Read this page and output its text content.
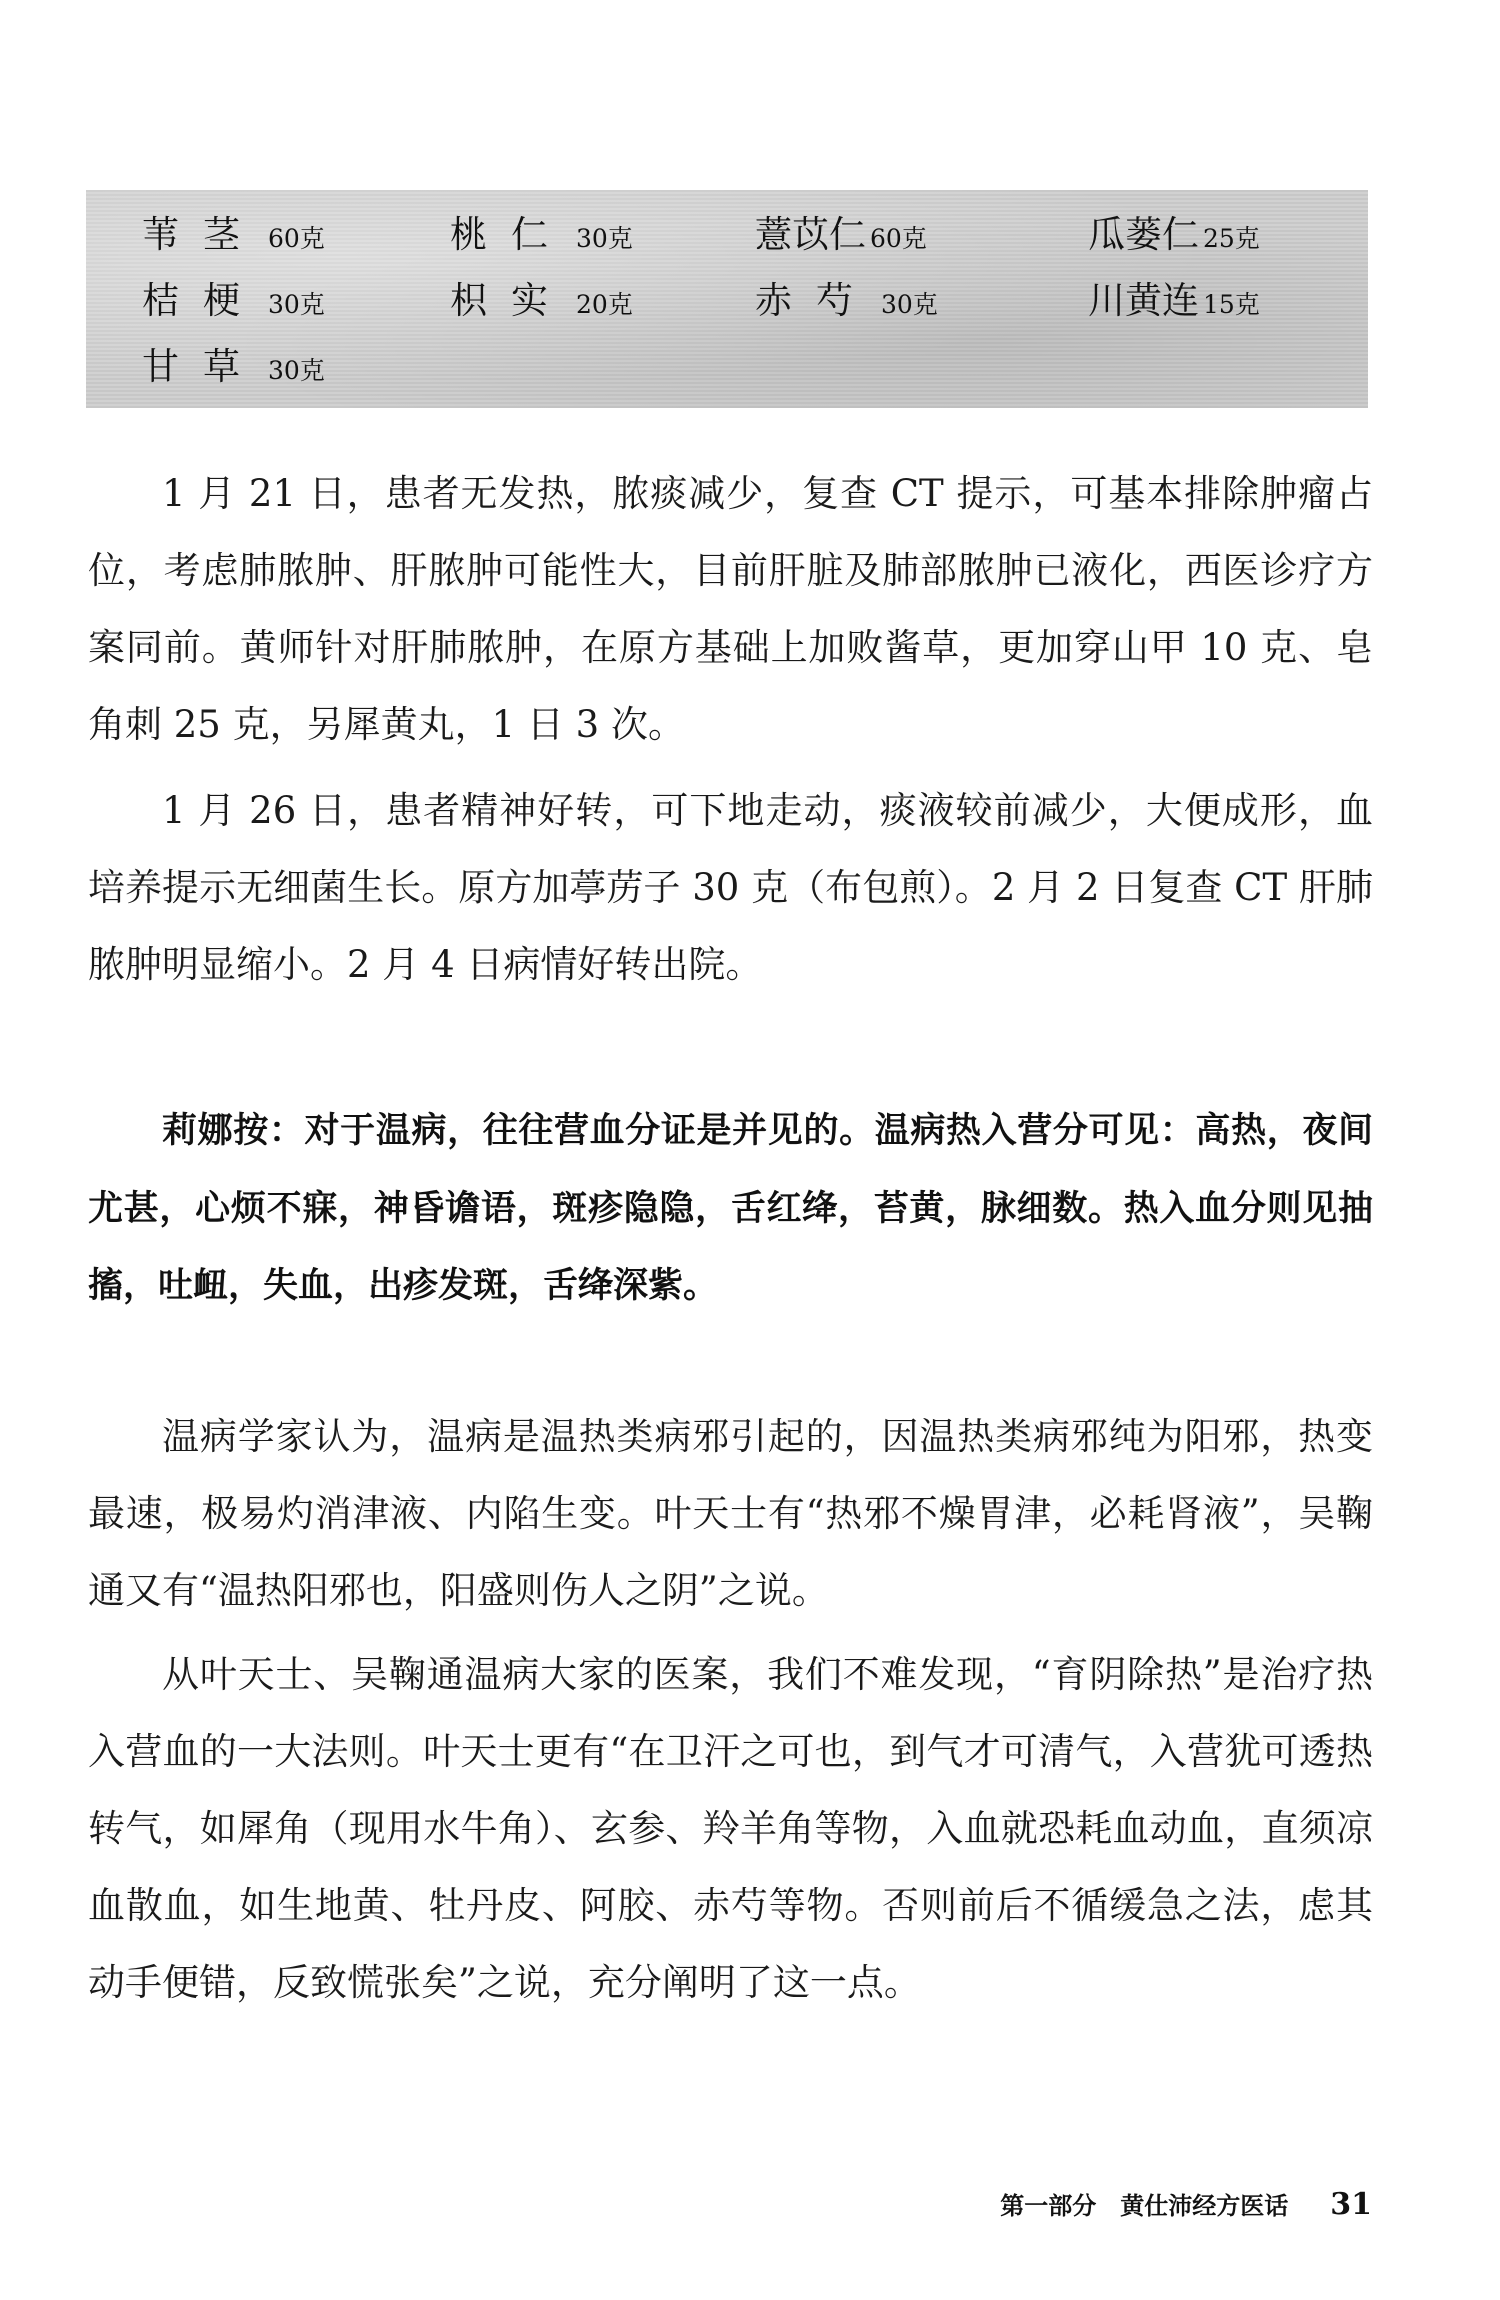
苇茎 60克	桃仁 30克	薏苡仁 60克	瓜蒌仁 25克
桔梗 30克	枳实 20克	赤芍 30克	川黄连 15克
甘草 30克

1 月 21 日，患者无发热，脓痰减少，复查 CT 提示，可基本排除肿瘤占位，考虑肺脓肿、肝脓肿可能性大，目前肝脏及肺部脓肿已液化，西医诊疗方案同前。黄师针对肝肺脓肿，在原方基础上加败酱草，更加穿山甲 10 克、皂角刺 25 克，另犀黄丸，1 日 3 次。

1 月 26 日，患者精神好转，可下地走动，痰液较前减少，大便成形，血培养提示无细菌生长。原方加葶苈子 30 克（布包煎）。2 月 2 日复查 CT 肝肺脓肿明显缩小。2 月 4 日病情好转出院。

莉娜按：对于温病，往往营血分证是并见的。温病热入营分可见：高热，夜间尤甚，心烦不寐，神昏谵语，斑疹隐隐，舌红绛，苔黄，脉细数。热入血分则见抽搐，吐衄，失血，出疹发斑，舌绛深紫。

温病学家认为，温病是温热类病邪引起的，因温热类病邪纯为阳邪，热变最速，极易灼消津液、内陷生变。叶天士有“热邪不燥胃津，必耗肾液”，吴鞠通又有“温热阳邪也，阳盛则伤人之阴”之说。

从叶天士、吴鞠通温病大家的医案，我们不难发现，“育阴除热”是治疗热入营血的一大法则。叶天士更有“在卫汗之可也，到气才可清气，入营犹可透热转气，如犀角（现用水牛角）、玄参、羚羊角等物，入血就恐耗血动血，直须凉血散血，如生地黄、牡丹皮、阿胶、赤芍等物。否则前后不循缓急之法，虑其动手便错，反致慌张矣”之说，充分阐明了这一点。

第一部分　黄仕沛经方医话 31
